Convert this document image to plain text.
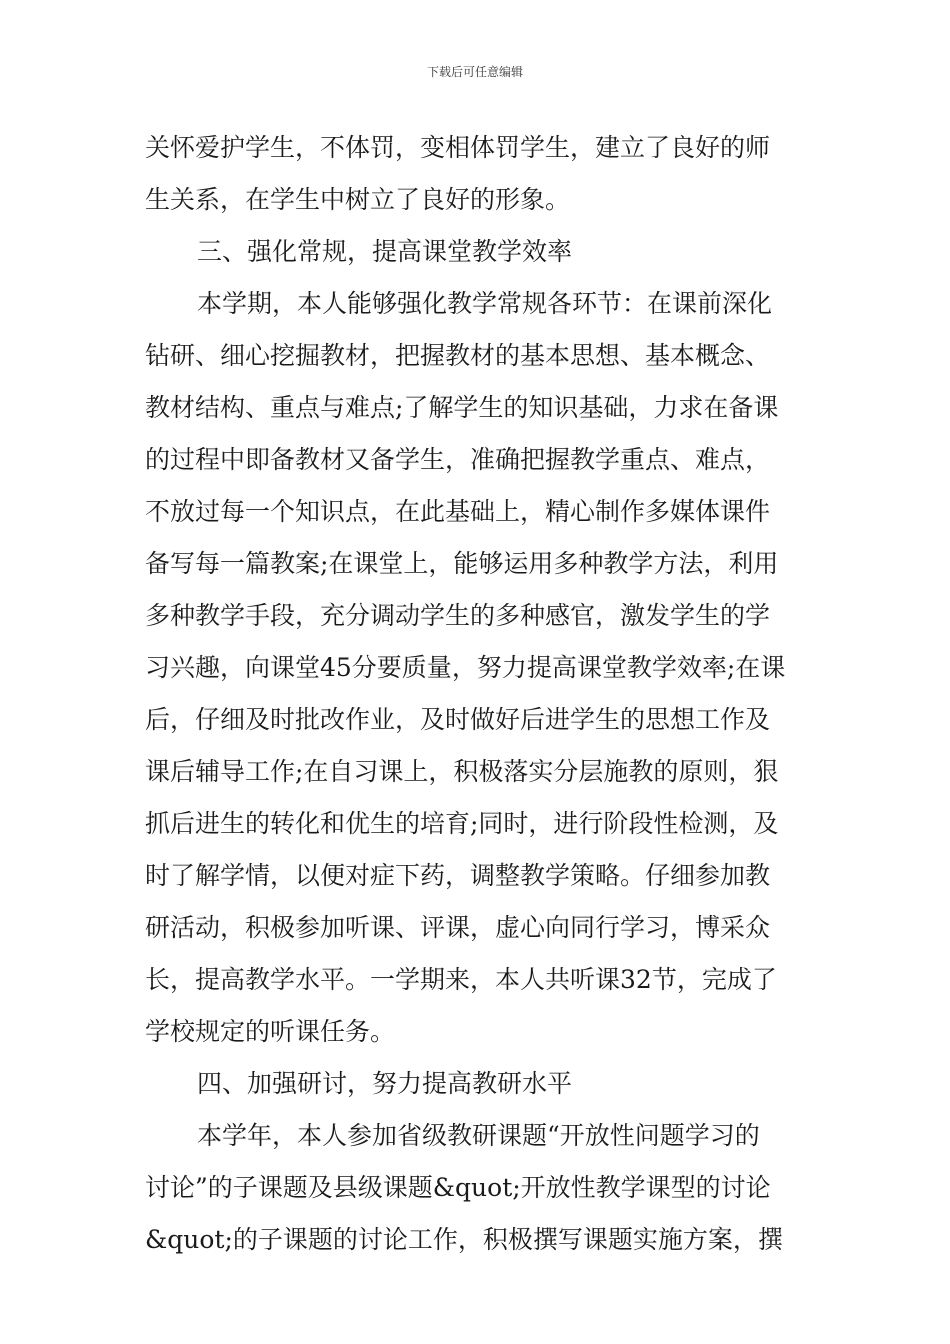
下载后可任意编辑
关怀爱护学生，不体罚，变相体罚学生，建立了良好的师
生关系，在学生中树立了良好的形象。
三、强化常规，提高课堂教学效率
本学期，本人能够强化教学常规各环节：在课前深化
钻研、细心挖掘教材，把握教材的基本思想、基本概念、
教材结构、重点与难点;了解学生的知识基础，力求在备课
的过程中即备教材又备学生，准确把握教学重点、难点，
不放过每一个知识点，在此基础上，精心制作多媒体课件
备写每一篇教案;在课堂上，能够运用多种教学方法，利用
多种教学手段，充分调动学生的多种感官，激发学生的学
习兴趣，向课堂45分要质量，努力提高课堂教学效率;在课
后，仔细及时批改作业，及时做好后进学生的思想工作及
课后辅导工作;在自习课上，积极落实分层施教的原则，狠
抓后进生的转化和优生的培育;同时，进行阶段性检测，及
时了解学情，以便对症下药，调整教学策略。仔细参加教
研活动，积极参加听课、评课，虚心向同行学习，博采众
长，提高教学水平。一学期来，本人共听课32节，完成了
学校规定的听课任务。
四、加强研讨，努力提高教研水平
本学年，本人参加省级教研课题“开放性问题学习的
讨论”的子课题及县级课题&quot;开放性教学课型的讨论
&quot;的子课题的讨论工作，积极撰写课题实施方案，撰
